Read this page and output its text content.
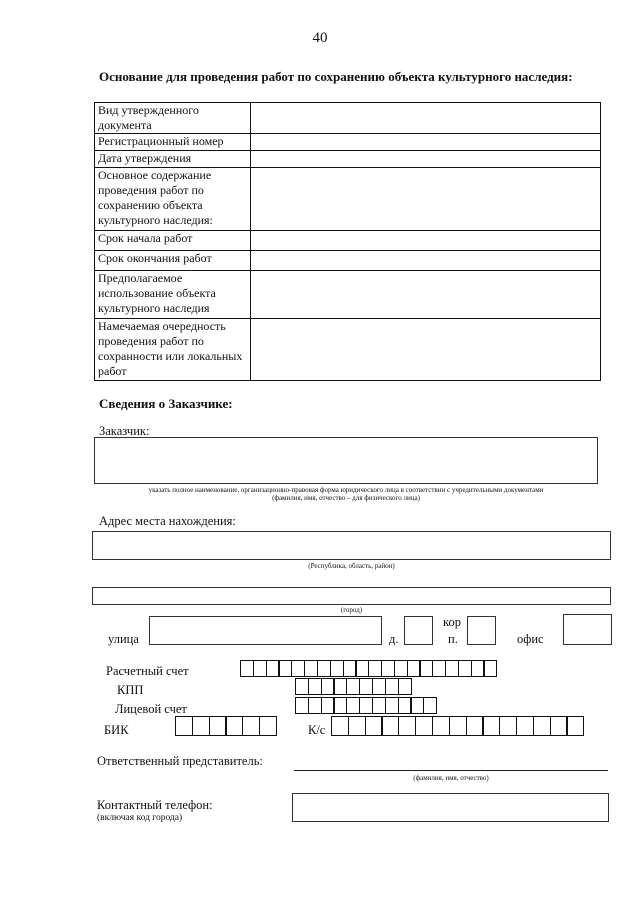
40
Основание для проведения работ по сохранению объекта культурного наследия:
Вид утвержденного документа	
Регистрационный номер	
Дата утверждения	
Основное содержание проведения работ по сохранению объекта культурного наследия:	
Срок начала работ	
Срок окончания работ	
Предполагаемое использование объекта культурного наследия	
Намечаемая очередность проведения работ по сохранности или локальных работ	
Сведения о Заказчике:
Заказчик:
указать полное наименование, организационно-правовая форма юридического лица в соответствии с учредительными документами
(фамилия, имя, отчество – для физического лица)
Адрес места нахождения:
(Республика, область, район)
(город)
улица	д.
кор
п.	офис
Расчетный счет
КПП
Лицевой счет
БИК	К/с
Ответственный представитель:
(фамилия, имя, отчество)
Контактный телефон:
(включая код города)
